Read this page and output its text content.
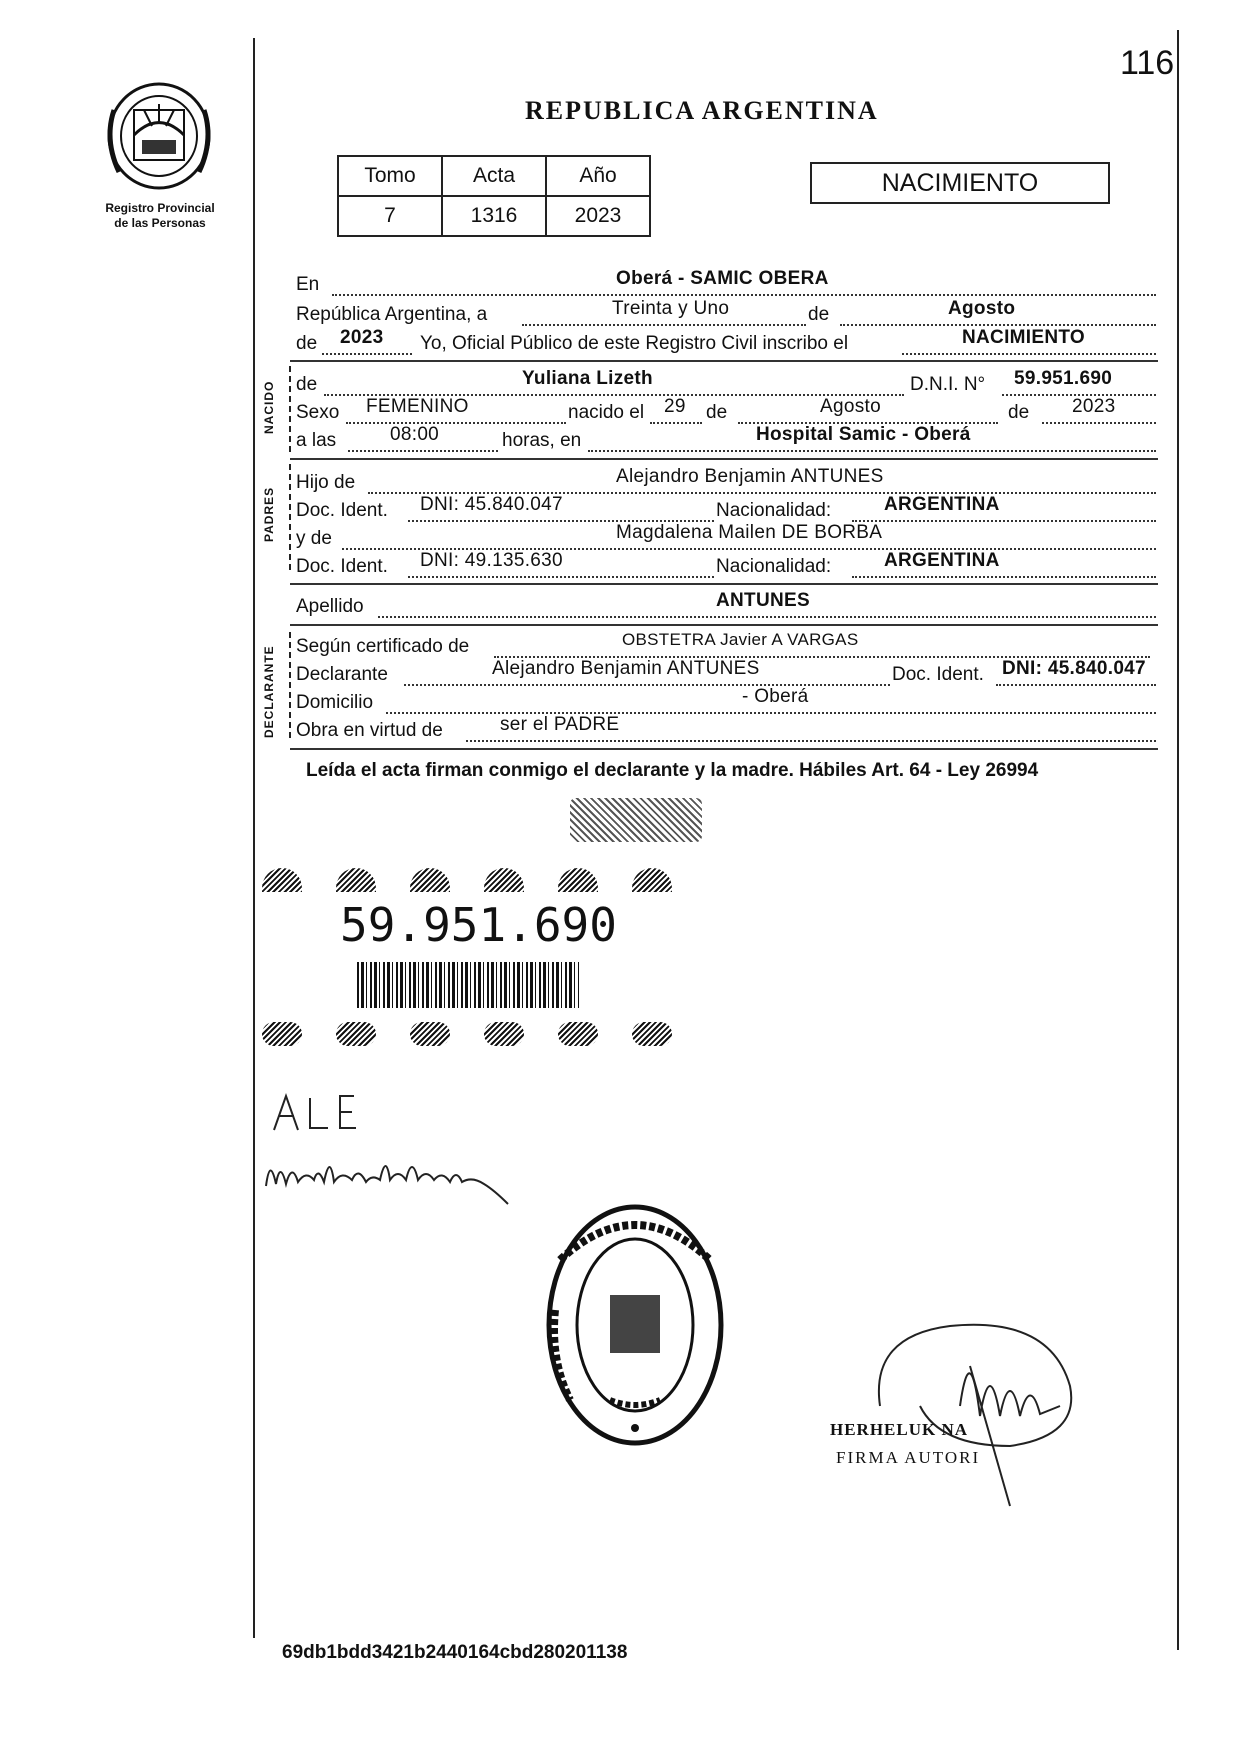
116
Registro Provincial
de las Personas
REPUBLICA ARGENTINA
Tomo	Acta	Año
7	1316	2023
NACIMIENTO
En	Oberá - SAMIC OBERA
República Argentina, a	Treinta y Uno	de	Agosto
de 2023 Yo, Oficial Público de este Registro Civil inscribo el	NACIMIENTO
NACIDO de	Yuliana Lizeth	D.N.I. N° 59.951.690
Sexo FEMENINO	nacido el 29 de	Agosto	de 2023
a las	08:00	horas, en	Hospital Samic - Oberá
PADRES
Hijo de	Alejandro Benjamin ANTUNES
Doc. Ident. DNI: 45.840.047	Nacionalidad:	ARGENTINA
y de	Magdalena Mailen DE BORBA
Doc. Ident. DNI: 49.135.630	Nacionalidad:	ARGENTINA
Apellido	ANTUNES
DECLARANTE Según certificado de	OBSTETRA Javier A VARGAS
Declarante	Alejandro Benjamin ANTUNES	Doc. Ident. DNI: 45.840.047
Domicilio	- Oberá
Obra en virtud de	ser el PADRE
Leída el acta firman conmigo el declarante y la madre. Hábiles Art. 64 - Ley 26994
59.951.690
HERHELUK NA
FIRMA AUTORI
69db1bdd3421b2440164cbd280201138
